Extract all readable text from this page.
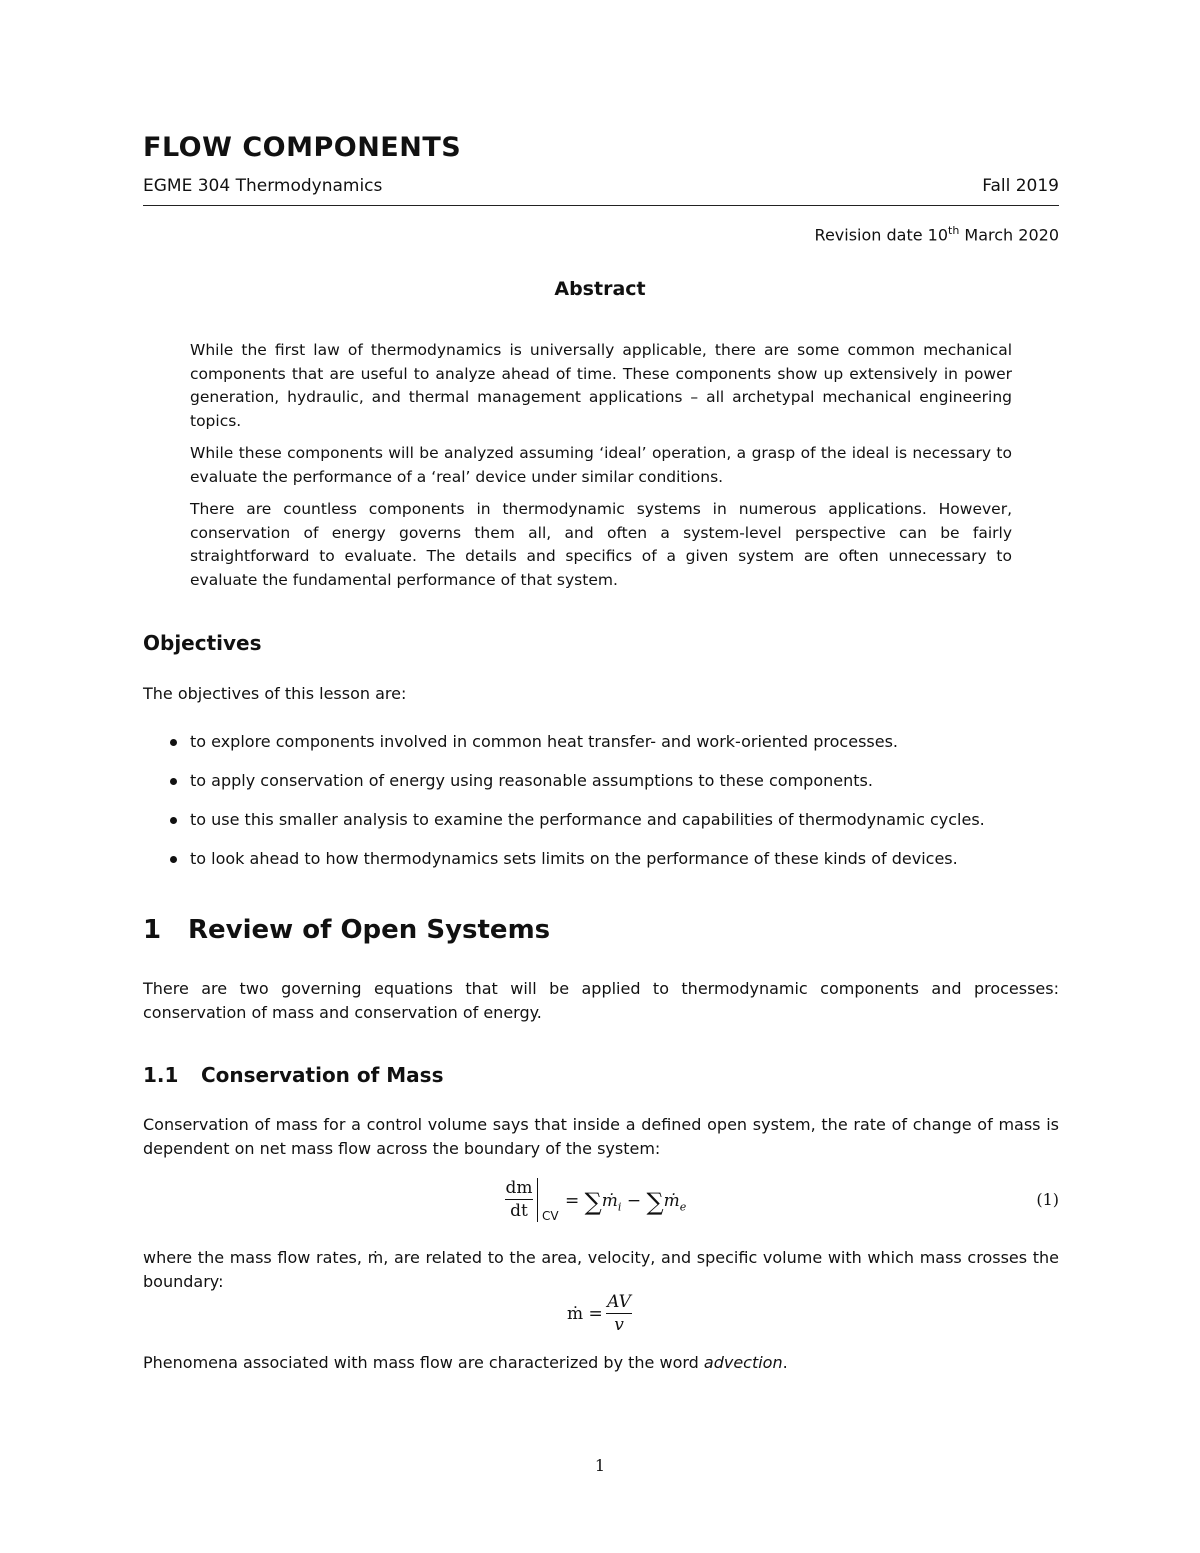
FLOW COMPONENTS
EGME 304 Thermodynamics	Fall 2019
Revision date 10th March 2020
Abstract

While the first law of thermodynamics is universally applicable, there are some common mechanical components that are useful to analyze ahead of time. These components show up extensively in power generation, hydraulic, and thermal management applications – all archetypal mechanical engineering topics.

While these components will be analyzed assuming ‘ideal’ operation, a grasp of the ideal is necessary to evaluate the performance of a ‘real’ device under similar conditions.

There are countless components in thermodynamic systems in numerous applications. However, conservation of energy governs them all, and often a system-level perspective can be fairly straightforward to evaluate. The details and specifics of a given system are often unnecessary to evaluate the fundamental performance of that system.

Objectives

The objectives of this lesson are:

to explore components involved in common heat transfer- and work-oriented processes.
to apply conservation of energy using reasonable assumptions to these components.
to use this smaller analysis to examine the performance and capabilities of thermodynamic cycles.
to look ahead to how thermodynamics sets limits on the performance of these kinds of devices.
1 Review of Open Systems

There are two governing equations that will be applied to thermodynamic components and processes: conservation of mass and conservation of energy.

1.1 Conservation of Mass

Conservation of mass for a control volume says that inside a defined open system, the rate of change of mass is dependent on net mass flow across the boundary of the system:

dm
dt	CV
= ∑ṁ$_i$ − ∑ṁ$_e$	(1)

where the mass flow rates, ṁ, are related to the area, velocity, and specific volume with which mass crosses the boundary:

ṁ =
AV
v

Phenomena associated with mass flow are characterized by the word advection.

1
